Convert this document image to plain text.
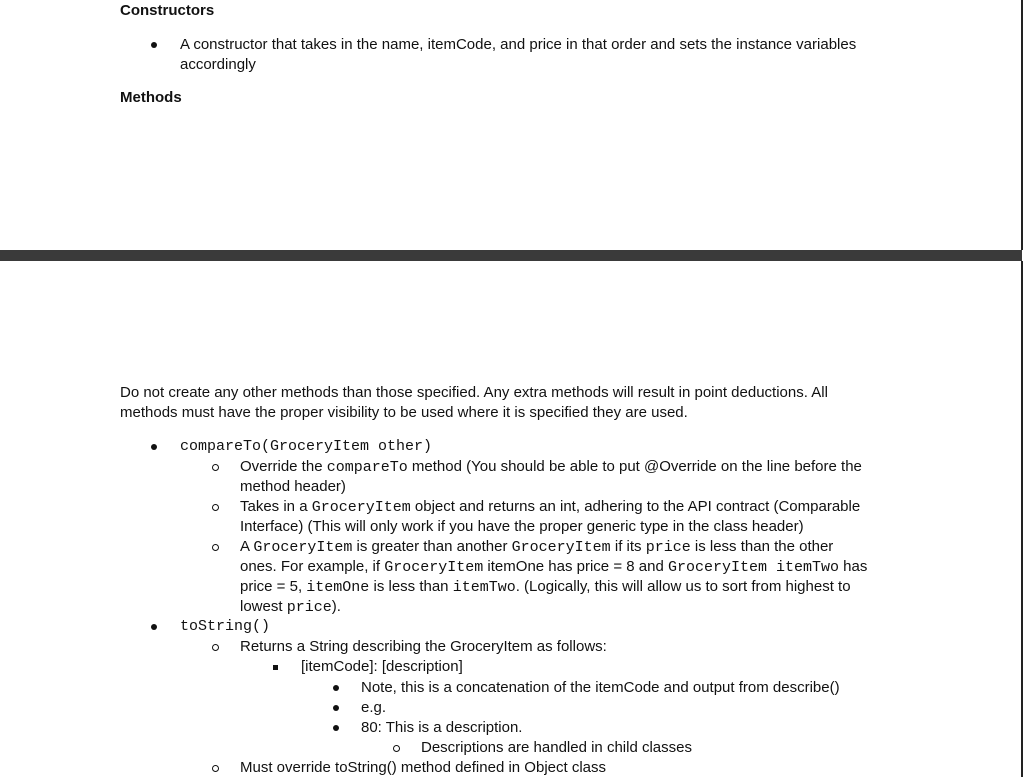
Constructors
A constructor that takes in the name, itemCode, and price in that order and sets the instance variables
accordingly
Methods
Do not create any other methods than those specified. Any extra methods will result in point deductions. All
methods must have the proper visibility to be used where it is specified they are used.
compareTo(GroceryItem other)
Override the compareTo method (You should be able to put @Override on the line before the
method header)
Takes in a GroceryItem object and returns an int, adhering to the API contract (Comparable
Interface) (This will only work if you have the proper generic type in the class header)
A GroceryItem is greater than another GroceryItem if its price is less than the other
ones. For example, if GroceryItem itemOne has price = 8 and GroceryItem itemTwo has
price = 5, itemOne is less than itemTwo. (Logically, this will allow us to sort from highest to
lowest price).
toString()
Returns a String describing the GroceryItem as follows:
[itemCode]: [description]
Note, this is a concatenation of the itemCode and output from describe()
e.g.
80: This is a description.
Descriptions are handled in child classes
Must override toString() method defined in Object class
